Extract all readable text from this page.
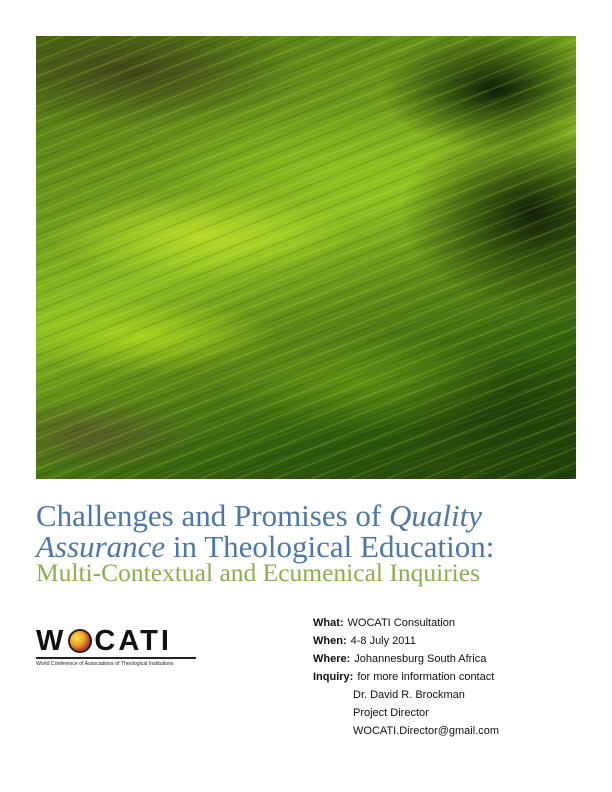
Challenges and Promises of Quality
Assurance in Theological Education:
Multi-Contextual and Ecumenical Inquiries
W CATI
World Conference of Associations of Theological Institutions
What: WOCATI Consultation
When: 4-8 July 2011
Where: Johannesburg South Africa
Inquiry: for more information contact
Dr. David R. Brockman
Project Director
WOCATI.Director@gmail.com
